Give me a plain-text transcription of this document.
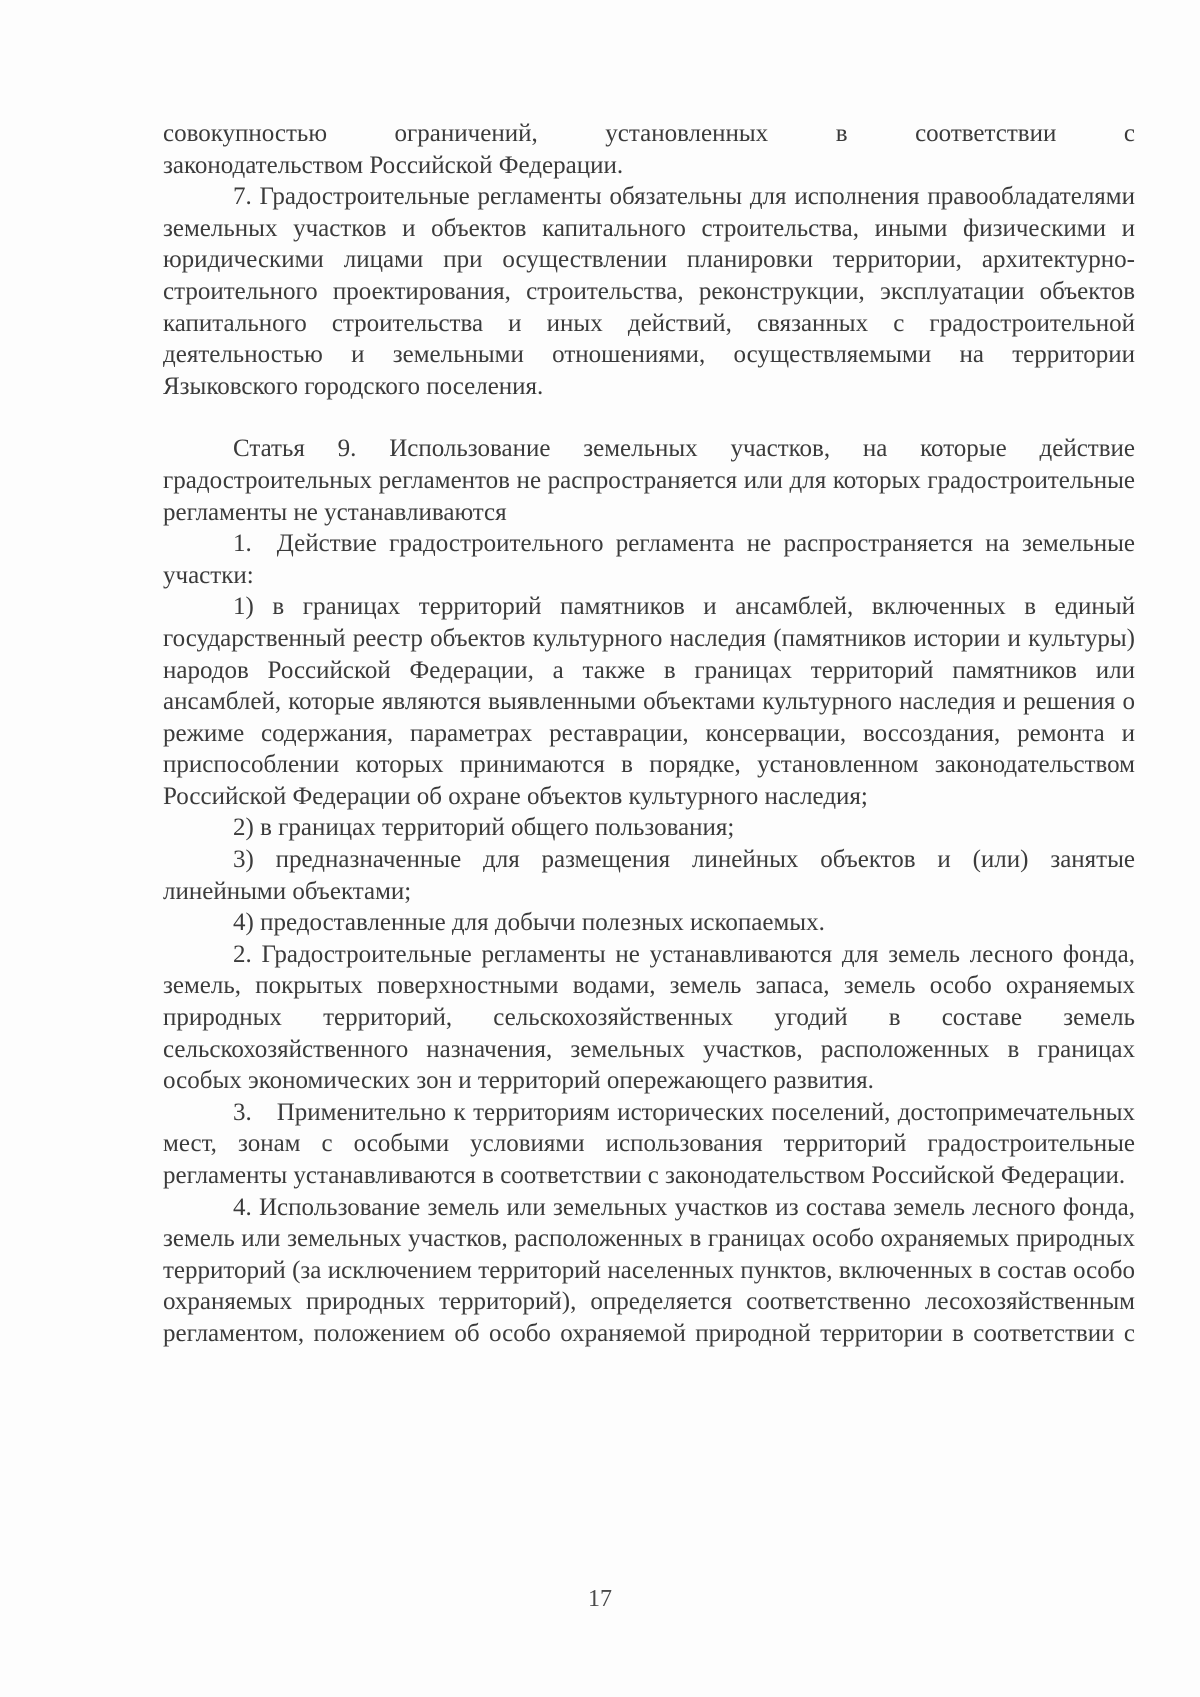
совокупностью ограничений, установленных в соответствии с

законодательством Российской Федерации.

7. Градостроительные регламенты обязательны для исполнения правообладателями земельных участков и объектов капитального строительства, иными физическими и юридическими лицами при осуществлении планировки территории, архитектурно-строительного проектирования, строительства, реконструкции, эксплуатации объектов капитального строительства и иных действий, связанных с градостроительной деятельностью и земельными отношениями, осуществляемыми на территории Языковского городского поселения.

Статья 9. Использование земельных участков, на которые действие градостроительных регламентов не распространяется или для которых градостроительные регламенты не устанавливаются

1. Действие градостроительного регламента не распространяется на земельные участки:

1) в границах территорий памятников и ансамблей, включенных в единый государственный реестр объектов культурного наследия (памятников истории и культуры) народов Российской Федерации, а также в границах территорий памятников или ансамблей, которые являются выявленными объектами культурного наследия и решения о режиме содержания, параметрах реставрации, консервации, воссоздания, ремонта и приспособлении которых принимаются в порядке, установленном законодательством Российской Федерации об охране объектов культурного наследия;

2) в границах территорий общего пользования;

3) предназначенные для размещения линейных объектов и (или) занятые линейными объектами;

4) предоставленные для добычи полезных ископаемых.

2. Градостроительные регламенты не устанавливаются для земель лесного фонда, земель, покрытых поверхностными водами, земель запаса, земель особо охраняемых природных территорий, сельскохозяйственных угодий в составе земель сельскохозяйственного назначения, земельных участков, расположенных в границах особых экономических зон и территорий опережающего развития.

3. Применительно к территориям исторических поселений, достопримечательных мест, зонам с особыми условиями использования территорий градостроительные регламенты устанавливаются в соответствии с законодательством Российской Федерации.

4. Использование земель или земельных участков из состава земель лесного фонда, земель или земельных участков, расположенных в границах особо охраняемых природных территорий (за исключением территорий населенных пунктов, включенных в состав особо охраняемых природных территорий), определяется соответственно лесохозяйственным регламентом, положением об особо охраняемой природной территории в соответствии с

17
